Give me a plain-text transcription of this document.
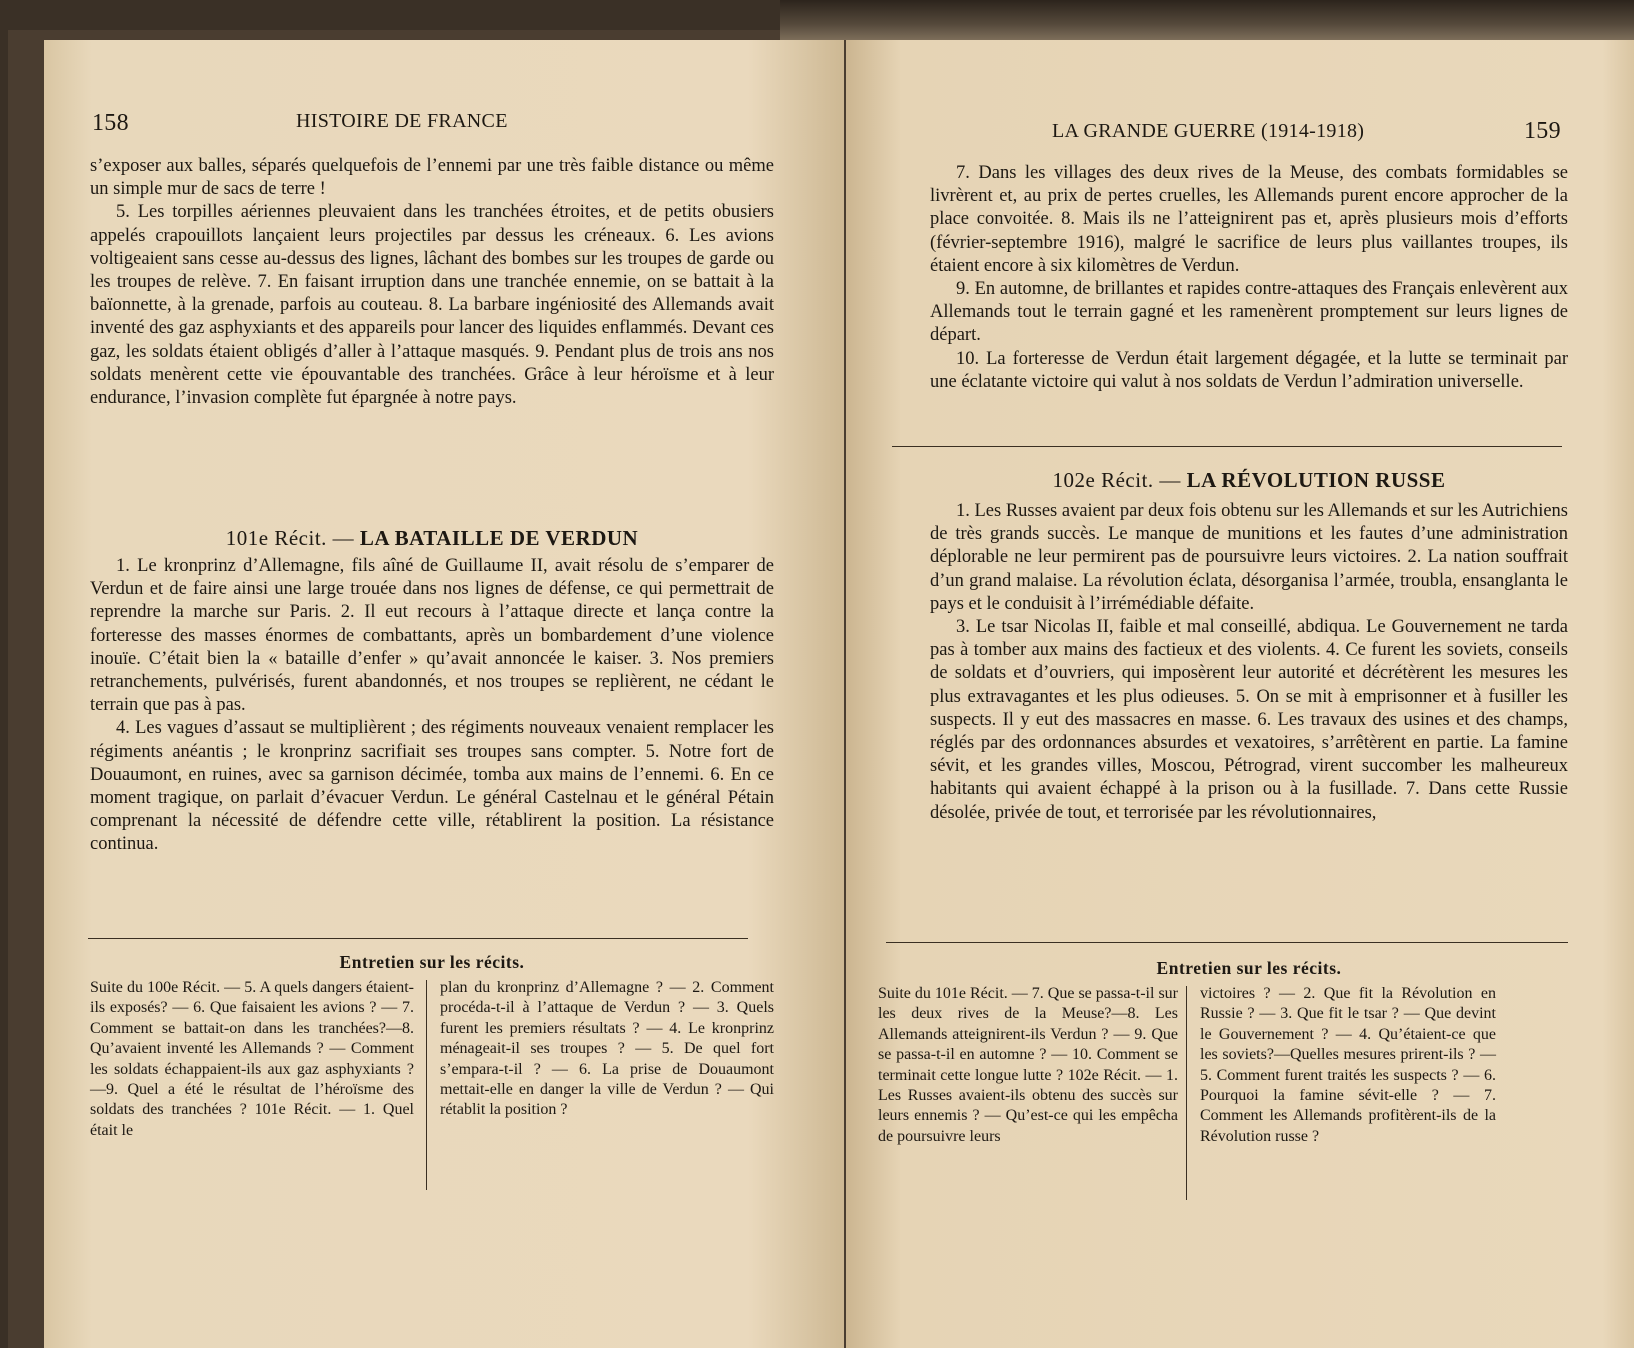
158	HISTOIRE DE FRANCE

s’exposer aux balles, séparés quelquefois de l’ennemi par une très faible distance ou même un simple mur de sacs de terre !

5. Les torpilles aériennes pleuvaient dans les tranchées étroites, et de petits obusiers appelés crapouillots lançaient leurs projectiles par dessus les créneaux. 6. Les avions voltigeaient sans cesse au-dessus des lignes, lâchant des bombes sur les troupes de garde ou les troupes de relève. 7. En faisant irruption dans une tranchée ennemie, on se battait à la baïonnette, à la grenade, parfois au couteau. 8. La barbare ingéniosité des Allemands avait inventé des gaz asphyxiants et des appareils pour lancer des liquides enflammés. Devant ces gaz, les soldats étaient obligés d’aller à l’attaque masqués. 9. Pendant plus de trois ans nos soldats menèrent cette vie épouvantable des tranchées. Grâce à leur héroïsme et à leur endurance, l’invasion complète fut épargnée à notre pays.

101e Récit. — LA BATAILLE DE VERDUN

1. Le kronprinz d’Allemagne, fils aîné de Guillaume II, avait résolu de s’emparer de Verdun et de faire ainsi une large trouée dans nos lignes de défense, ce qui permettrait de reprendre la marche sur Paris. 2. Il eut recours à l’attaque directe et lança contre la forteresse des masses énormes de combattants, après un bombardement d’une violence inouïe. C’était bien la « bataille d’enfer » qu’avait annoncée le kaiser. 3. Nos premiers retranchements, pulvérisés, furent abandonnés, et nos troupes se replièrent, ne cédant le terrain que pas à pas.

4. Les vagues d’assaut se multiplièrent ; des régiments nouveaux venaient remplacer les régiments anéantis ; le kronprinz sacrifiait ses troupes sans compter. 5. Notre fort de Douaumont, en ruines, avec sa garnison décimée, tomba aux mains de l’ennemi. 6. En ce moment tragique, on parlait d’évacuer Verdun. Le général Castelnau et le général Pétain comprenant la nécessité de défendre cette ville, rétablirent la position. La résistance continua.

Entretien sur les récits.
Suite du 100e Récit. — 5. A quels dangers étaient-ils exposés? — 6. Que faisaient les avions ? — 7. Comment se battait-on dans les tranchées?—8. Qu’avaient inventé les Allemands ? — Comment les soldats échappaient-ils aux gaz asphyxiants ?—9. Quel a été le résultat de l’héroïsme des soldats des tranchées ? 101e Récit. — 1. Quel était le
plan du kronprinz d’Allemagne ? — 2. Comment procéda-t-il à l’attaque de Verdun ? — 3. Quels furent les premiers résultats ? — 4. Le kronprinz ménageait-il ses troupes ? — 5. De quel fort s’empara-t-il ? — 6. La prise de Douaumont mettait-elle en danger la ville de Verdun ? — Qui rétablit la position ?
LA GRANDE GUERRE (1914-1918)	159

7. Dans les villages des deux rives de la Meuse, des combats formidables se livrèrent et, au prix de pertes cruelles, les Allemands purent encore approcher de la place convoitée. 8. Mais ils ne l’atteignirent pas et, après plusieurs mois d’efforts (février-septembre 1916), malgré le sacrifice de leurs plus vaillantes troupes, ils étaient encore à six kilomètres de Verdun.

9. En automne, de brillantes et rapides contre-attaques des Français enlevèrent aux Allemands tout le terrain gagné et les ramenèrent promptement sur leurs lignes de départ.

10. La forteresse de Verdun était largement dégagée, et la lutte se terminait par une éclatante victoire qui valut à nos soldats de Verdun l’admiration universelle.

102e Récit. — LA RÉVOLUTION RUSSE

1. Les Russes avaient par deux fois obtenu sur les Allemands et sur les Autrichiens de très grands succès. Le manque de munitions et les fautes d’une administration déplorable ne leur permirent pas de poursuivre leurs victoires. 2. La nation souffrait d’un grand malaise. La révolution éclata, désorganisa l’armée, troubla, ensanglanta le pays et le conduisit à l’irrémédiable défaite.

3. Le tsar Nicolas II, faible et mal conseillé, abdiqua. Le Gouvernement ne tarda pas à tomber aux mains des factieux et des violents. 4. Ce furent les soviets, conseils de soldats et d’ouvriers, qui imposèrent leur autorité et décrétèrent les mesures les plus extravagantes et les plus odieuses. 5. On se mit à emprisonner et à fusiller les suspects. Il y eut des massacres en masse. 6. Les travaux des usines et des champs, réglés par des ordonnances absurdes et vexatoires, s’arrêtèrent en partie. La famine sévit, et les grandes villes, Moscou, Pétrograd, virent succomber les malheureux habitants qui avaient échappé à la prison ou à la fusillade. 7. Dans cette Russie désolée, privée de tout, et terrorisée par les révolutionnaires,

Entretien sur les récits.
Suite du 101e Récit. — 7. Que se passa-t-il sur les deux rives de la Meuse?—8. Les Allemands atteignirent-ils Verdun ? — 9. Que se passa-t-il en automne ? — 10. Comment se terminait cette longue lutte ? 102e Récit. — 1. Les Russes avaient-ils obtenu des succès sur leurs ennemis ? — Qu’est-ce qui les empêcha de poursuivre leurs
victoires ? — 2. Que fit la Révolution en Russie ? — 3. Que fit le tsar ? — Que devint le Gouvernement ? — 4. Qu’étaient-ce que les soviets?—Quelles mesures prirent-ils ? — 5. Comment furent traités les suspects ? — 6. Pourquoi la famine sévit-elle ? — 7. Comment les Allemands profitèrent-ils de la Révolution russe ?
